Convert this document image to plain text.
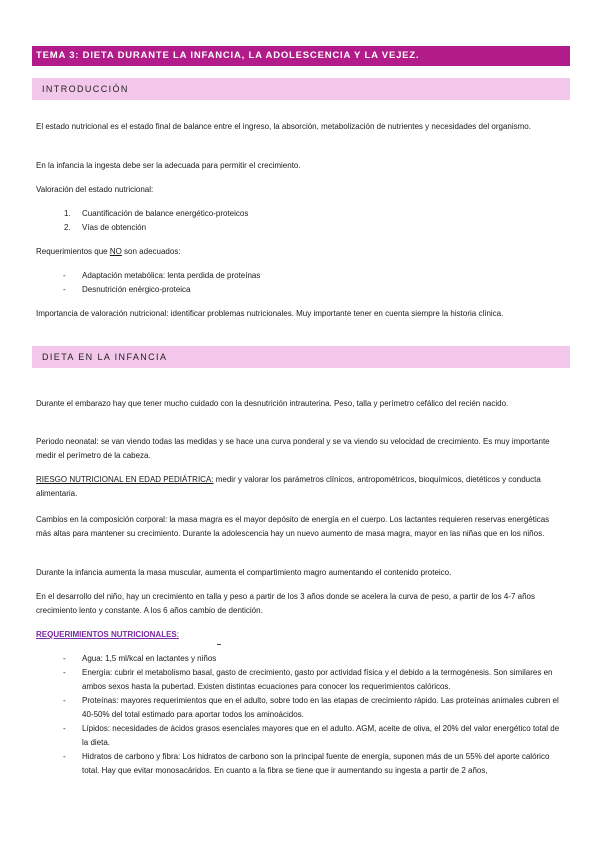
TEMA 3: DIETA DURANTE LA INFANCIA, LA ADOLESCENCIA Y LA VEJEZ.
INTRODUCCIÓN

El estado nutricional es el estado final de balance entre el ingreso, la absorción, metabolización de nutrientes y necesidades del organismo.

En la infancia la ingesta debe ser la adecuada para permitir el crecimiento.

Valoración del estado nutricional:

1. Cuantificación de balance energético-proteicos
2. Vías de obtención

Requerimientos que NO son adecuados:

- Adaptación metabólica: lenta perdida de proteínas
- Desnutrición enérgico-proteica

Importancia de valoración nutricional: identificar problemas nutricionales. Muy importante tener en cuenta siempre la historia clínica.

DIETA EN LA INFANCIA

Durante el embarazo hay que tener mucho cuidado con la desnutrición intrauterina. Peso, talla y perímetro cefálico del recién nacido.

Periodo neonatal: se van viendo todas las medidas y se hace una curva ponderal y se va viendo su velocidad de crecimiento. Es muy importante medir el perímetro de la cabeza.

RIESGO NUTRICIONAL EN EDAD PEDIÁTRICA: medir y valorar los parámetros clínicos, antropométricos, bioquímicos, dietéticos y conducta alimentaria.

Cambios en la composición corporal: la masa magra es el mayor depósito de energía en el cuerpo. Los lactantes requieren reservas energéticas más altas para mantener su crecimiento. Durante la adolescencia hay un nuevo aumento de masa magra, mayor en las niñas que en los niños.

Durante la infancia aumenta la masa muscular, aumenta el compartimiento magro aumentando el contenido proteico.

En el desarrollo del niño, hay un crecimiento en talla y peso a partir de los 3 años donde se acelera la curva de peso, a partir de los 4-7 años crecimiento lento y constante. A los 6 años cambio de dentición.

REQUERIMIENTOS NUTRICIONALES:
- Agua: 1,5 ml/kcal en lactantes y niños
- Energía: cubrir el metabolismo basal, gasto de crecimiento, gasto por actividad física y el debido a la termogénesis. Son similares en ambos sexos hasta la pubertad. Existen distintas ecuaciones para conocer los requerimientos calóricos.
- Proteínas: mayores requerimientos que en el adulto, sobre todo en las etapas de crecimiento rápido. Las proteínas animales cubren el 40-50% del total estimado para aportar todos los aminoácidos.
- Lípidos: necesidades de ácidos grasos esenciales mayores que en el adulto. AGM, aceite de oliva, el 20% del valor energético total de la dieta.
- Hidratos de carbono y fibra: Los hidratos de carbono son la principal fuente de energía, suponen más de un 55% del aporte calórico total. Hay que evitar monosacáridos. En cuanto a la fibra se tiene que ir aumentando su ingesta a partir de 2 años,
